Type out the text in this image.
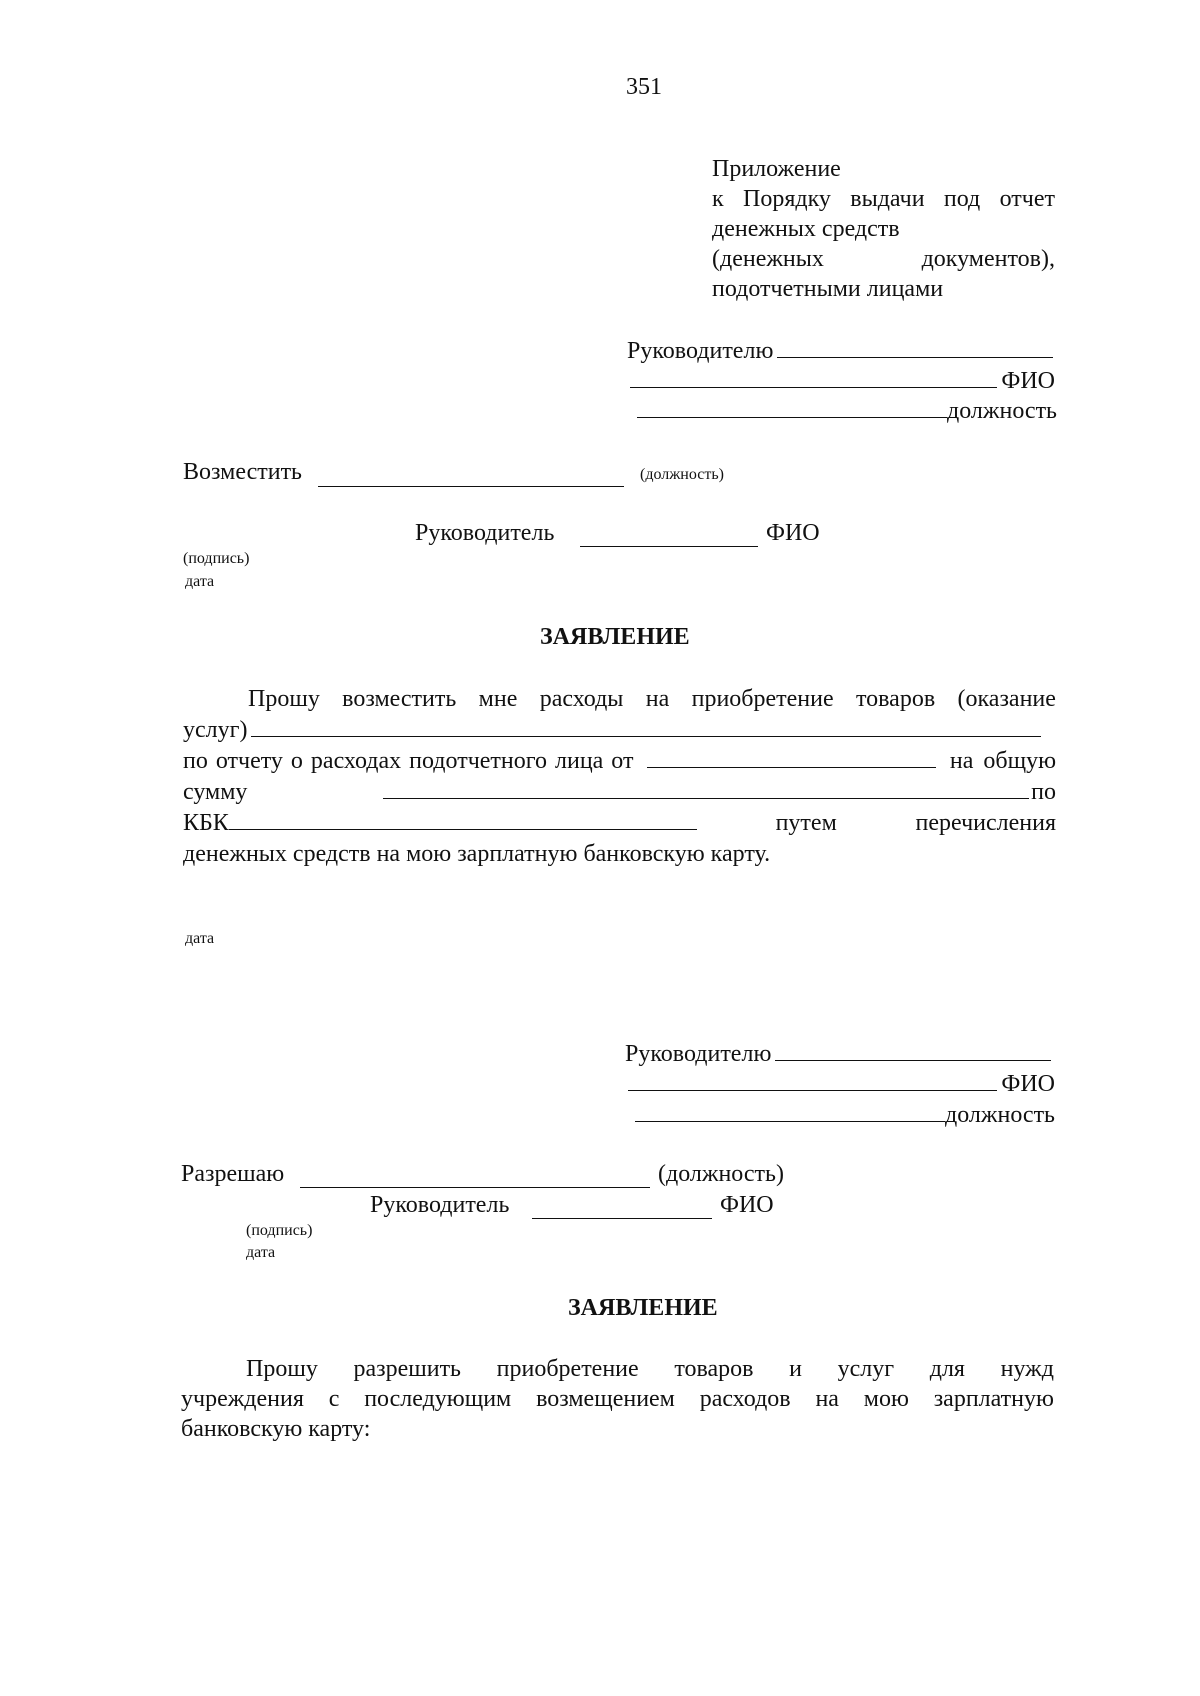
351
Приложение
к Порядку выдачи под отчет
денежных средств
(денежных	документов),
подотчетными лицами
Руководителю
ФИО
должность
Возместить	(должность)
Руководитель	ФИО
(подпись)
дата
ЗАЯВЛЕНИЕ
Прошу возместить мне расходы на приобретение товаров (оказание
услуг)
по отчету о расходах подотчетного лица от	на общую
сумму	по
КБК	путем	перечисления
денежных средств на мою зарплатную банковскую карту.
дата
Руководителю
ФИО
должность
Разрешаю	(должность)
Руководитель	ФИО
(подпись)
дата
ЗАЯВЛЕНИЕ
Прошу разрешить приобретение товаров и услуг для нужд
учреждения с последующим возмещением расходов на мою зарплатную
банковскую карту:
